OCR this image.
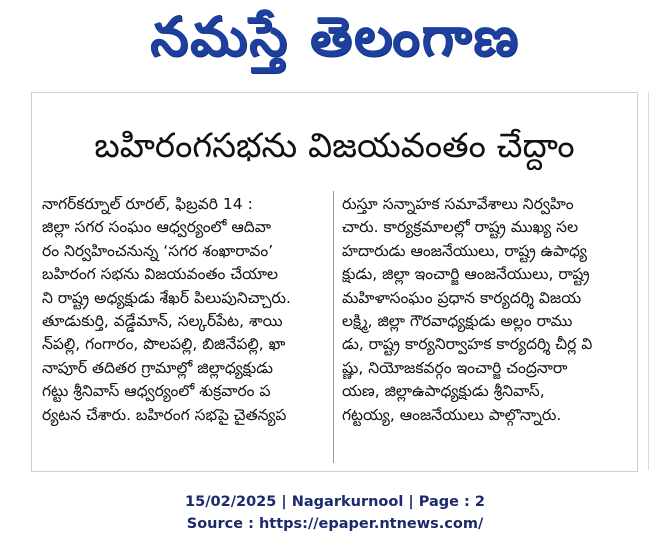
నమస్తే తెలంగాణ
బహిరంగసభను విజయవంతం చేద్దాం
నాగర్‌కర్నూల్ రూరల్, ఫిబ్రవరి 14 :
జిల్లా సగర సంఘం ఆధ్వర్యంలో ఆదివా
రం నిర్వహించనున్న ‘సగర శంఖారావం’
బహిరంగ సభను విజయవంతం చేయాల
ని రాష్ట్ర అధ్యక్షుడు శేఖర్ పిలుపునిచ్చారు.
తూడుకుర్తి, వడ్డేమాన్, సల్కర్‌పేట, శాయి
న్‌పల్లి, గంగారం, పొలపల్లి, బిజినేపల్లి, ఖా
నాపూర్ తదితర గ్రామాల్లో జిల్లాధ్యక్షుడు
గట్టు శ్రీనివాస్ ఆధ్వర్యంలో శుక్రవారం ప
ర్యటన చేశారు. బహిరంగ సభపై చైతన్యప
రుస్తూ సన్నాహక సమావేశాలు నిర్వహిం
చారు. కార్యక్రమాలల్లో రాష్ట్ర ముఖ్య సల
హదారుడు ఆంజనేయులు, రాష్ట్ర ఉపాధ్య
క్షుడు, జిల్లా ఇంచార్జి ఆంజనేయులు, రాష్ట్ర
మహిళాసంఘం ప్రధాన కార్యదర్శి విజయ
లక్ష్మి, జిల్లా గౌరవాధ్యక్షుడు అల్లం రాము
డు, రాష్ట్ర కార్యనిర్వాహక కార్యదర్శి చీర్ల వి
ష్ణు, నియోజకవర్గం ఇంచార్జి చంద్రనారా
యణ, జిల్లాఉపాధ్యక్షుడు శ్రీనివాస్,
గట్టయ్య, ఆంజనేయులు పాల్గొన్నారు.
15/02/2025 | Nagarkurnool | Page : 2
Source : https://epaper.ntnews.com/
